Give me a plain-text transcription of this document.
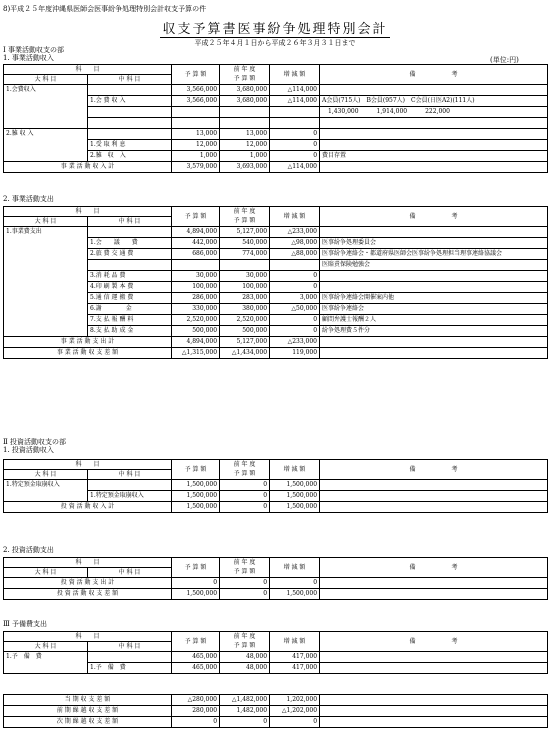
8)平成２５年度沖縄県医師会医事紛争処理特別会計収支予算の件
収支予算書医事紛争処理特別会計
平成２５年４月１日から平成２６年３月３１日まで
Ⅰ 事業活動収支の部
1. 事業活動収入	(単位:円)
科　　目		予 算 額	前 年 度	増 減 額	備　　　　　　考
大 科 目	中 科 目		予 算 額		
1.会費収入		3,566,000	3,680,000	△114,000	
	1.会 費 収 入	3,566,000	3,680,000	△114,000	A会員(715人)　B会員(957人)　C会員(日医A2)(111人)
					　1,430,000　　　1,914,000　　　222,000

2.雑 収 入		13,000	13,000	0	
	1.受 取 利 息	12,000	12,000	0	
	2.雑　収　入	1,000	1,000	0	費目存置
事 業 活 動 収 入 計		3,579,000	3,693,000	△114,000	
2. 事業活動支出
科　　目		予 算 額	前 年 度	増 減 額	備　　　　　　考
大 科 目	中 科 目		予 算 額		
1.事業費支出		4,894,000	5,127,000	△233,000	
	1.会　　議　　費	442,000	540,000	△98,000	医事紛争処理委員会
	2.旅 費 交 通 費	686,000	774,000	△88,000	医事紛争連絡会・都道府県医師会医事紛争処理担当理事連絡協議会
					医賠責保険勉強会
	3.消 耗 品 費	30,000	30,000	0	
	4.印 刷 製 本 費	100,000	100,000	0	
	5.通 信 運 搬 費	286,000	283,000	3,000	医事紛争連絡会開催案内他
	6.謝　　　　金	330,000	380,000	△50,000	医事紛争連絡会
	7.支 払 報 酬 料	2,520,000	2,520,000	0	顧問弁護士報酬２人
	8.支 払 助 成 金	500,000	500,000	0	紛争処理費５件分
事 業 活 動 支 出 計		4,894,000	5,127,000	△233,000	
事 業 活 動 収 支 差 額		△1,315,000	△1,434,000	119,000	
Ⅱ 投資活動収支の部
1. 投資活動収入
科　　目		予 算 額	前 年 度	増 減 額	備　　　　　　考
大 科 目	中 科 目		予 算 額		
1.特定預金取崩収入		1,500,000	0	1,500,000	
	1.特定預金取崩収入	1,500,000	0	1,500,000	
投 資 活 動 収 入 計		1,500,000	0	1,500,000	
2. 投資活動支出
科　　目		予 算 額	前 年 度	増 減 額	備　　　　　　考
大 科 目	中 科 目		予 算 額		
投 資 活 動 支 出 計		0	0	0	
投 資 活 動 収 支 差 額		1,500,000	0	1,500,000	
Ⅲ 予備費支出
科　　目		予 算 額	前 年 度	増 減 額	備　　　　　　考
大 科 目	中 科 目		予 算 額		
1.予　備　費		465,000	48,000	417,000	
	1.予　備　費	465,000	48,000	417,000	
当 期 収 支 差 額	△280,000	△1,482,000	1,202,000	
前 期 繰 越 収 支 差 額	280,000	1,482,000	△1,202,000	
次 期 繰 越 収 支 差 額	0	0	0	
